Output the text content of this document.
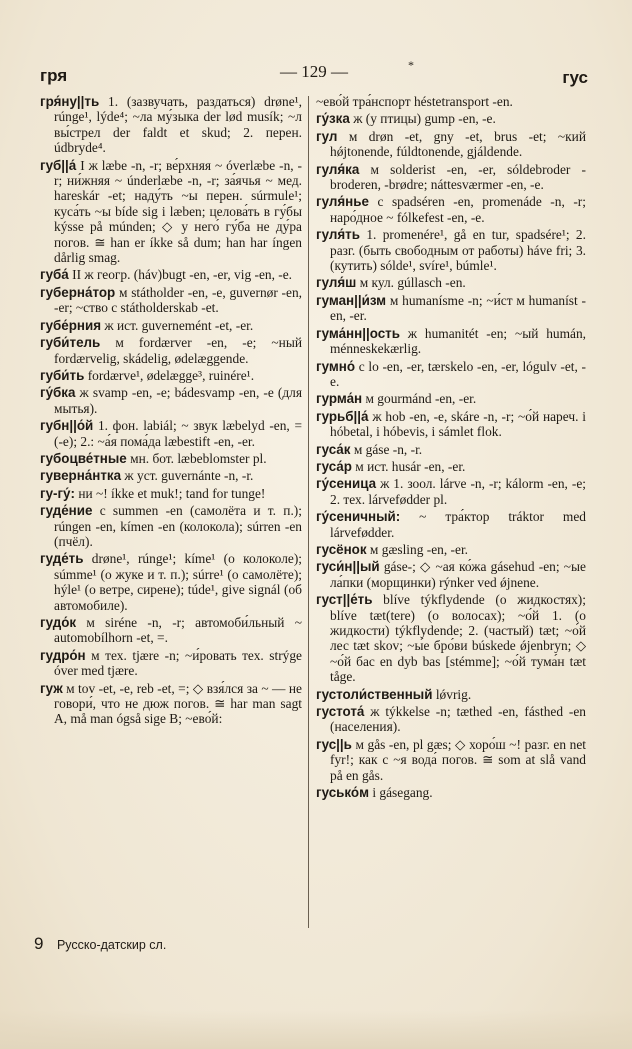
гря	— 129 —	*
гус

гря́ну||ть 1. (зазвучать, раздаться) drøne¹, rúnge¹, lýde⁴; ~ла му́зыка der lød musík; ~л вы́стрел der faldt et skud; 2. перен. údbryde⁴.

губ||а́ I ж læbe -n, -r; ве́рхняя ~ óverlæbe -n, -r; ни́жняя ~ únderlæbe -n, -r; за́ячья ~ мед. hareskár -et; наду́ть ~ы перен. súrmule¹; куса́ть ~ы bíde sig i læben; целова́ть в гу́бы kýsse på múnden; ◇ у него́ гу́ба не ду́ра погов. ≅ han er íkke så dum; han har íngen dårlig smag.

губа́ II ж геогр. (háv)bugt -en, -er, vig -en, -e.

губерна́тор м státholder -en, -e, guvernør -en, -er; ~ство с státholderskab -et.

губе́рния ж ист. guvernemént -et, -er.

губи́тель м fordærver -en, -e; ~ный fordærvelig, skádelig, ødelæggende.

губи́ть fordærve¹, ødelægge³, ruinére¹.

гу́бка ж svamp -en, -e; bádesvamp -en, -e (для мытья).

губн||о́й 1. фон. labiál; ~ звук læbelyd -en, = (-e); 2.: ~а́я пома́да læbestift -en, -er.

губоцве́тные мн. бот. læbeblomster pl.

гуверна́нтка ж уст. guvernánte -n, -r.

гу-гу́: ни ~! íkke et muk!; tand for tunge!

гуде́ние с summen -en (самолёта и т. п.); rúngen -en, kímen -en (колокола); súrren -en (пчёл).

гуде́ть drøne¹, rúnge¹; kíme¹ (о колоколе); súmme¹ (о жуке и т. п.); súrre¹ (о самолёте); hýle¹ (о ветре, сирене); túde¹, give signál (об автомобиле).

гудо́к м siréne -n, -r; автомоби́льный ~ automobílhorn -et, =.

гудро́н м тех. tjære -n; ~и́ровать тех. strýge óver med tjære.

гуж м tov -et, -e, reb -et, =; ◇ взя́лся за ~ — не говори́, что не дюж погов. ≅ har man sagt A, må man ógså sige B; ~ево́й:

~ево́й тра́нспорт héstetransport -en.

гу́зка ж (у птицы) gump -en, -e.

гул м drøn -et, gny -et, brus -et; ~кий hǿjtonende, fúldtonende, gjáldende.

гуля́ка м solderist -en, -er, sóldebroder -broderen, -brødre; náttesværmer -en, -e.

гуля́нье с spadséren -en, promenáde -n, -r; наро́дное ~ fólkefest -en, -e.

гуля́ть 1. promenére¹, gå en tur, spadsére¹; 2. разг. (быть свободным от работы) háve fri; 3. (кутить) sólde¹, svíre¹, búmle¹.

гуля́ш м кул. gúllasch -en.

гуман||и́зм м humanísme -n; ~и́ст м humaníst -en, -er.

гума́нн||ость ж humanitét -en; ~ый humán, ménneskekærlig.

гумно́ с lo -en, -er, tærskelo -en, -er, lógulv -et, -e.

гурма́н м gourmánd -en, -er.

гурьб||а́ ж hob -en, -e, skáre -n, -r; ~о́й нареч. i hóbetal, i hóbevis, i sámlet flok.

гуса́к м gáse -n, -r.

гуса́р м ист. husár -en, -er.

гу́сеница ж 1. зоол. lárve -n, -r; kálorm -en, -e; 2. тех. lárvefødder pl.

гу́сеничный: ~ тра́ктор tráktor med lárvefødder.

гусёнок м gæsling -en, -er.

гуси́н||ый gáse-; ◇ ~ая ко́жа gásehud -en; ~ые ла́пки (морщинки) rýnker ved ǿjnene.

густ||е́ть blíve týkflydende (о жидкостях); blíve tæt(tere) (о волосах); ~о́й 1. (о жидкости) týkflydende; 2. (частый) tæt; ~о́й лес tæt skov; ~ы́е бро́ви búskede ǿjenbryn; ◇ ~о́й бас en dyb bas [stémme]; ~о́й тума́н tæt tåge.

густоли́ственный lǿvrig.

густота́ ж týkkelse -n; tæthed -en, fásthed -en (населения).

гус||ь м gås -en, pl gæs; ◇ хоро́ш ~! разг. en net fyr!; как с ~я вода́ погов. ≅ som at slå vand på en gås.

гусько́м i gásegang.

9 Русско-датскир сл.
